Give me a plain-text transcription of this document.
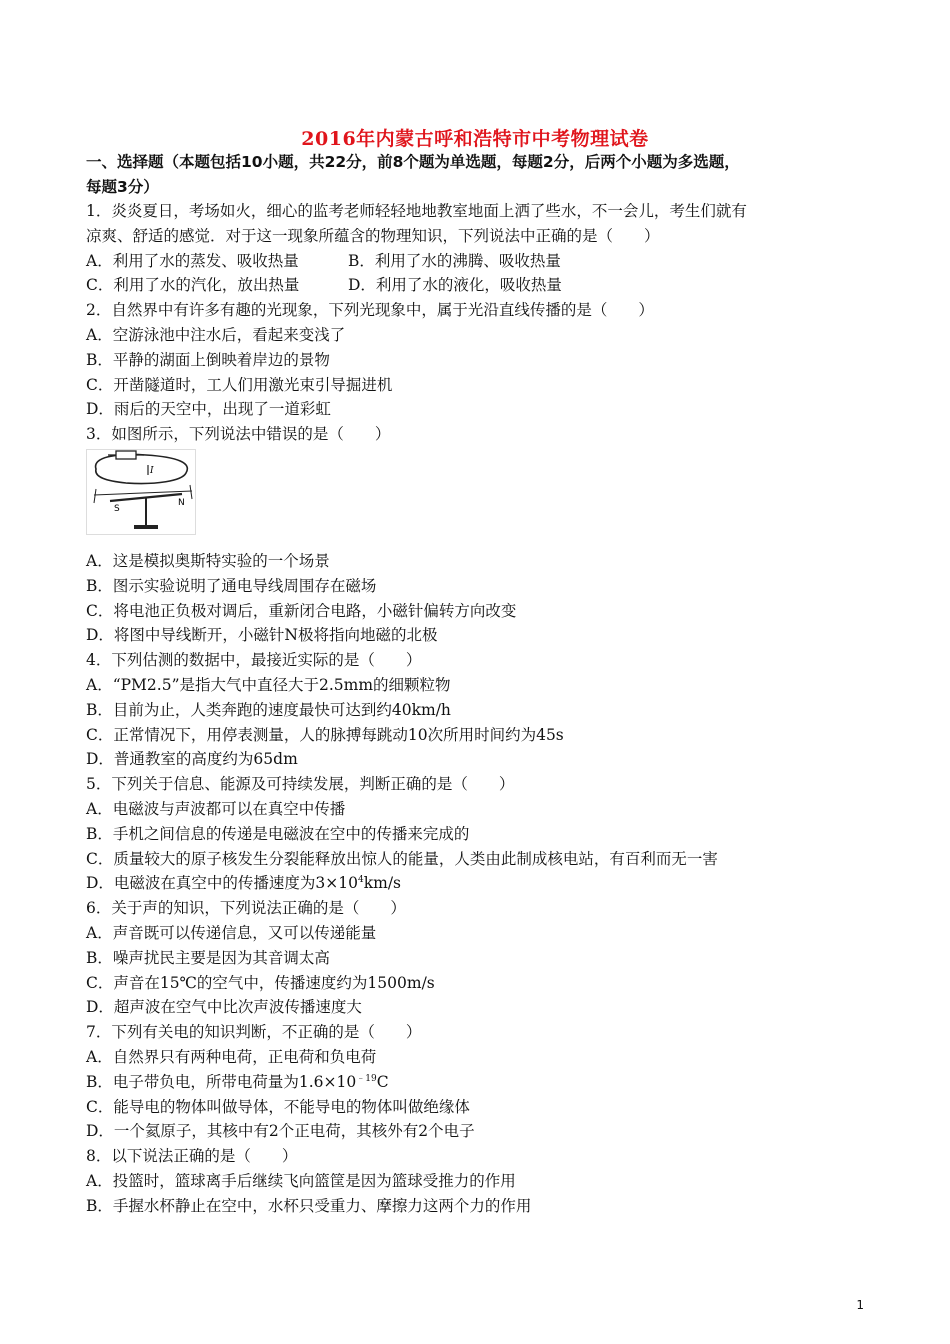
2016年内蒙古呼和浩特市中考物理试卷

一、选择题（本题包括10小题，共22分，前8个题为单选题，每题2分，后两个小题为多选题，

每题3分）

1．炎炎夏日，考场如火，细心的监考老师轻轻地地教室地面上洒了些水，不一会儿，考生们就有

凉爽、舒适的感觉．对于这一现象所蕴含的物理知识，下列说法中正确的是（　　）

A．利用了水的蒸发、吸收热量	B．利用了水的沸腾、吸收热量

C．利用了水的汽化，放出热量	D．利用了水的液化，吸收热量

2．自然界中有许多有趣的光现象，下列光现象中，属于光沿直线传播的是（　　）

A．空游泳池中注水后，看起来变浅了

B．平静的湖面上倒映着岸边的景物

C．开凿隧道时，工人们用激光束引导掘进机

D．雨后的天空中，出现了一道彩虹

3．如图所示，下列说法中错误的是（　　）

I
S
N

A．这是模拟奥斯特实验的一个场景

B．图示实验说明了通电导线周围存在磁场

C．将电池正负极对调后，重新闭合电路，小磁针偏转方向改变

D．将图中导线断开，小磁针N极将指向地磁的北极

4．下列估测的数据中，最接近实际的是（　　）

A．“PM2.5”是指大气中直径大于2.5mm的细颗粒物

B．目前为止，人类奔跑的速度最快可达到约40km/h

C．正常情况下，用停表测量，人的脉搏每跳动10次所用时间约为45s

D．普通教室的高度约为65dm

5．下列关于信息、能源及可持续发展，判断正确的是（　　）

A．电磁波与声波都可以在真空中传播

B．手机之间信息的传递是电磁波在空中的传播来完成的

C．质量较大的原子核发生分裂能释放出惊人的能量，人类由此制成核电站，有百利而无一害

D．电磁波在真空中的传播速度为$3\times 10^4km/s$

6．关于声的知识，下列说法正确的是（　　）

A．声音既可以传递信息，又可以传递能量

B．噪声扰民主要是因为其音调太高

C．声音在15℃的空气中，传播速度约为1500m/s

D．超声波在空气中比次声波传播速度大

7．下列有关电的知识判断，不正确的是（　　）

A．自然界只有两种电荷，正电荷和负电荷

B．电子带负电，所带电荷量为$1.6\times 10^{﹣19}C$

C．能导电的物体叫做导体，不能导电的物体叫做绝缘体

D．一个氦原子，其核中有2个正电荷，其核外有2个电子

8．以下说法正确的是（　　）

A．投篮时，篮球离手后继续飞向篮筐是因为篮球受推力的作用

B．手握水杯静止在空中，水杯只受重力、摩擦力这两个力的作用

1
